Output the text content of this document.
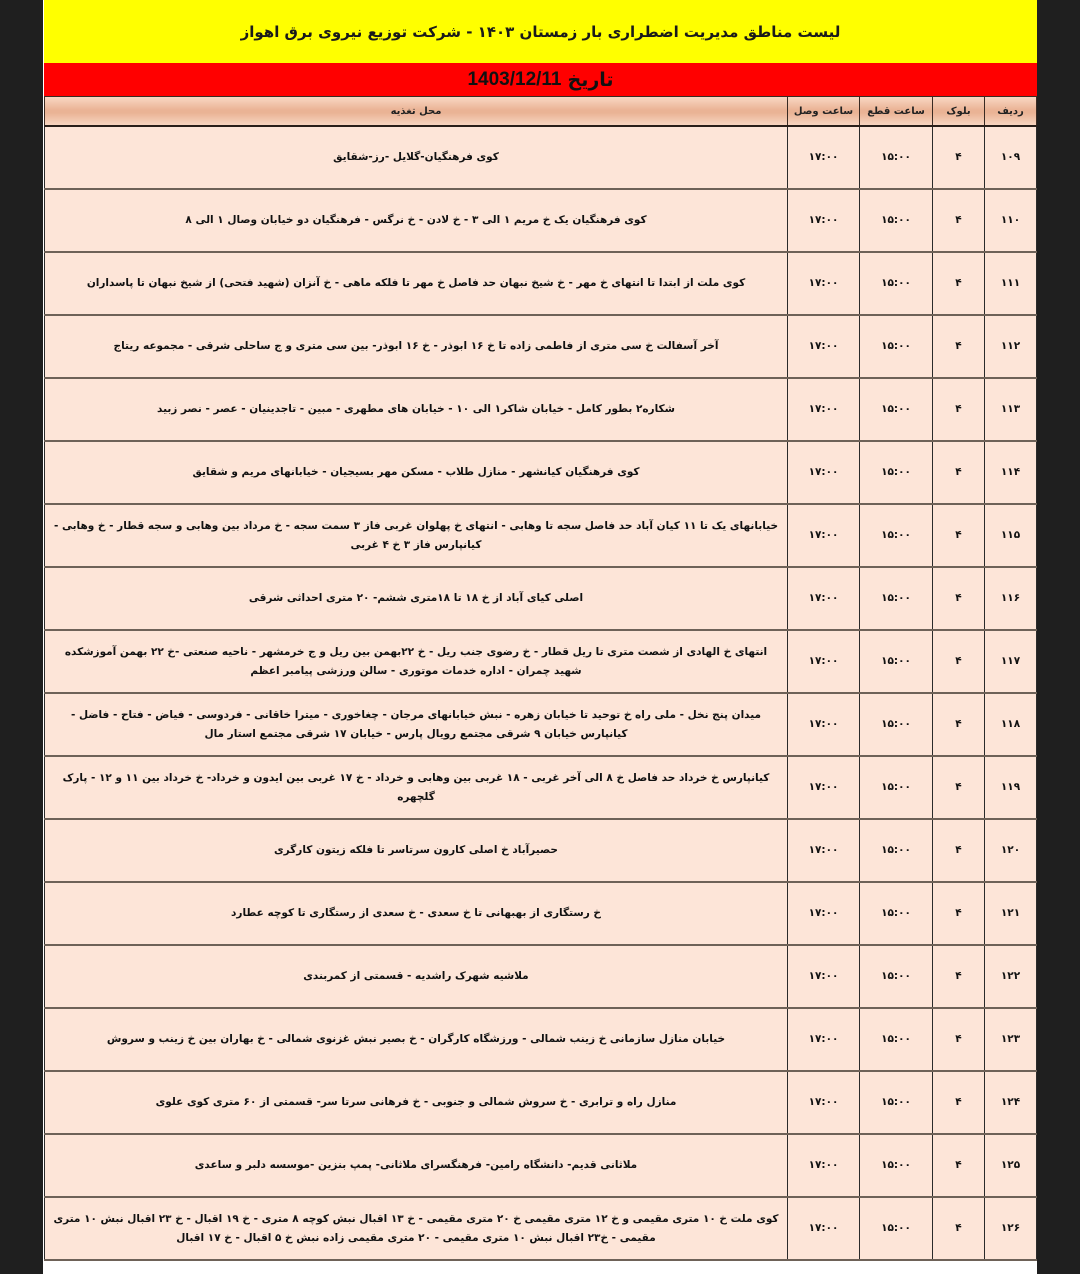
لیست مناطق مدیریت اضطراری بار زمستان ۱۴۰۳ - شرکت توزیع نیروی برق اهواز
تاریخ
1403/12/11
ردیف	بلوک	ساعت قطع	ساعت وصل	محل تغذیه
۱۰۹	۴	۱۵:۰۰	۱۷:۰۰	کوی فرهنگیان-گلایل -رز-شقایق
۱۱۰	۴	۱۵:۰۰	۱۷:۰۰	کوی فرهنگیان یک خ مریم ۱ الی ۳ - خ لادن - خ نرگس - فرهنگیان دو خیابان وصال ۱ الی ۸
۱۱۱	۴	۱۵:۰۰	۱۷:۰۰	کوی ملت از ابتدا تا انتهای خ مهر - خ شیخ نبهان حد فاصل خ مهر تا فلکه ماهی - خ آنزان (شهید فتحی) از شیخ نبهان تا پاسداران
۱۱۲	۴	۱۵:۰۰	۱۷:۰۰	آخر آسفالت خ سی متری از فاطمی زاده تا خ ۱۶ ابوذر - خ ۱۶ ابوذر- بین سی متری و ج ساحلی شرقی - مجموعه ریتاج
۱۱۳	۴	۱۵:۰۰	۱۷:۰۰	شکاره۲ بطور کامل - خیابان شاکر۱ الی ۱۰ - خیابان های مطهری - مبین - تاجدینیان - عصر - نصر زبید
۱۱۴	۴	۱۵:۰۰	۱۷:۰۰	کوی فرهنگیان کیانشهر - منازل طلاب - مسکن مهر بسیجیان - خیابانهای مریم و شقایق
۱۱۵	۴	۱۵:۰۰	۱۷:۰۰	خیابانهای یک تا ۱۱ کیان آباد حد فاصل سجه تا وهابی - انتهای خ پهلوان غربی فاز ۳ سمت سجه - خ مرداد بین وهابی و سجه قطار - خ وهابی - کیانپارس فاز ۳ خ ۴ غربی
۱۱۶	۴	۱۵:۰۰	۱۷:۰۰	اصلی کیای آباد از خ ۱۸ تا ۱۸متری ششم- ۲۰ متری احداثی شرقی
۱۱۷	۴	۱۵:۰۰	۱۷:۰۰	انتهای خ الهادی از شصت متری تا ریل قطار - خ رضوی جنب ریل - خ ۲۲بهمن بین ریل و ج خرمشهر - ناحیه صنعتی -خ ۲۲ بهمن آموزشکده شهید چمران - اداره خدمات موتوری - سالن ورزشی پیامبر اعظم
۱۱۸	۴	۱۵:۰۰	۱۷:۰۰	میدان پنج نخل - ملی راه خ توحید تا خیابان زهره - نبش خیابانهای مرجان - چغاخوری - میترا خاقانی - فردوسی - فیاض - فتاح - فاضل - کیانپارس خیابان ۹ شرقی مجتمع رویال پارس - خیابان ۱۷ شرقی مجتمع استار مال
۱۱۹	۴	۱۵:۰۰	۱۷:۰۰	کیانپارس خ خرداد حد فاصل خ ۸ الی آخر غربی - ۱۸ غربی بین وهابی و خرداد - خ ۱۷ غربی بین ایدون و خرداد- خ خرداد بین ۱۱ و ۱۲ - پارک گلچهره
۱۲۰	۴	۱۵:۰۰	۱۷:۰۰	حصیرآباد خ اصلی کارون سرتاسر تا فلکه زیتون کارگری
۱۲۱	۴	۱۵:۰۰	۱۷:۰۰	خ رستگاری از بهبهانی تا خ سعدی - خ سعدی از رستگاری تا کوچه عطارد
۱۲۲	۴	۱۵:۰۰	۱۷:۰۰	ملاشیه شهرک راشدیه - قسمتی از کمربندی
۱۲۳	۴	۱۵:۰۰	۱۷:۰۰	خیابان منازل سازمانی خ زینب شمالی - ورزشگاه کارگران - خ بصیر نبش غزنوی شمالی - خ بهاران بین خ زینب و سروش
۱۲۴	۴	۱۵:۰۰	۱۷:۰۰	منازل راه و ترابری - خ سروش شمالی و جنوبی - خ فرهانی سرتا سر- قسمتی از ۶۰ متری کوی علوی
۱۲۵	۴	۱۵:۰۰	۱۷:۰۰	ملاثانی قدیم- دانشگاه رامین- فرهنگسرای ملاثانی- پمپ بنزین -موسسه دلبر و ساعدی
۱۲۶	۴	۱۵:۰۰	۱۷:۰۰	کوی ملت خ ۱۰ متری مقیمی و خ ۱۲ متری مقیمی خ ۲۰ متری مقیمی - خ ۱۳ اقبال نبش کوچه ۸ متری - خ ۱۹ اقبال - خ ۲۳ اقبال نبش ۱۰ متری مقیمی - خ۲۳ اقبال نبش ۱۰ متری مقیمی - ۲۰ متری مقیمی زاده نبش خ ۵ اقبال - خ ۱۷ اقبال
